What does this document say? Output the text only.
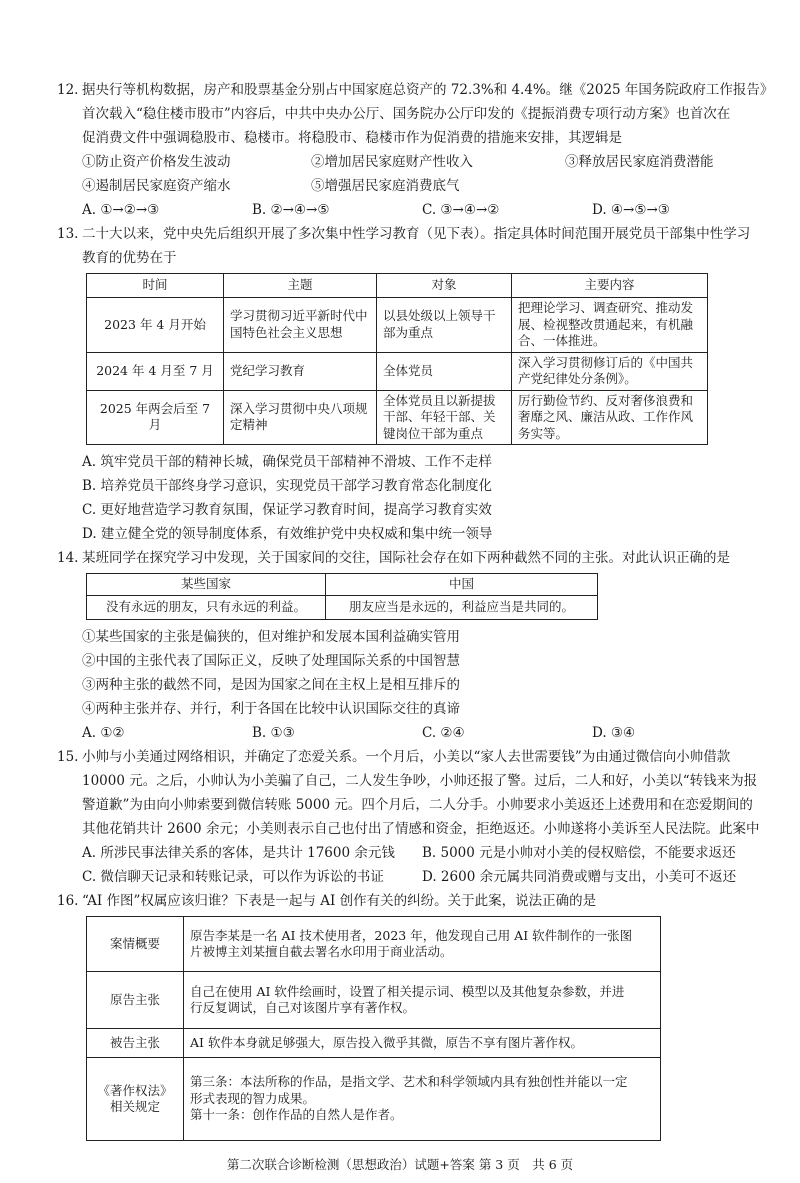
12. 据央行等机构数据，房产和股票基金分别占中国家庭总资产的 72.3%和 4.4%。继《2025 年国务院政府工作报告》
首次载入“稳住楼市股市”内容后，中共中央办公厅、国务院办公厅印发的《提振消费专项行动方案》也首次在
促消费文件中强调稳股市、稳楼市。将稳股市、稳楼市作为促消费的措施来安排，其逻辑是
①防止资产价格发生波动	②增加居民家庭财产性收入	③释放居民家庭消费潜能
④遏制居民家庭资产缩水	⑤增强居民家庭消费底气
A. ①→②→③	B. ②→④→⑤	C. ③→④→②	D. ④→⑤→③
13. 二十大以来，党中央先后组织开展了多次集中性学习教育（见下表）。指定具体时间范围开展党员干部集中性学习
教育的优势在于
时间	主题	对象	主要内容
2023 年 4 月开始	学习贯彻习近平新时代中国特色社会主义思想	以县处级以上领导干部为重点	把理论学习、调查研究、推动发展、检视整改贯通起来，有机融合、一体推进。
2024 年 4 月至 7 月	党纪学习教育	全体党员	深入学习贯彻修订后的《中国共产党纪律处分条例》。
2025 年两会后至 7 月	深入学习贯彻中央八项规定精神	全体党员且以新提拔干部、年轻干部、关键岗位干部为重点	厉行勤俭节约、反对奢侈浪费和奢靡之风、廉洁从政、工作作风务实等。
A. 筑牢党员干部的精神长城，确保党员干部精神不滑坡、工作不走样
B. 培养党员干部终身学习意识，实现党员干部学习教育常态化制度化
C. 更好地营造学习教育氛围，保证学习教育时间，提高学习教育实效
D. 建立健全党的领导制度体系，有效维护党中央权威和集中统一领导
14. 某班同学在探究学习中发现，关于国家间的交往，国际社会存在如下两种截然不同的主张。对此认识正确的是
某些国家	中国
没有永远的朋友，只有永远的利益。	朋友应当是永远的，利益应当是共同的。
①某些国家的主张是偏狭的，但对维护和发展本国利益确实管用
②中国的主张代表了国际正义，反映了处理国际关系的中国智慧
③两种主张的截然不同，是因为国家之间在主权上是相互排斥的
④两种主张并存、并行，利于各国在比较中认识国际交往的真谛
A. ①②	B. ①③	C. ②④	D. ③④
15. 小帅与小美通过网络相识，并确定了恋爱关系。一个月后，小美以“家人去世需要钱”为由通过微信向小帅借款
10000 元。之后，小帅认为小美骗了自己，二人发生争吵，小帅还报了警。过后，二人和好，小美以“转钱来为报
警道歉”为由向小帅索要到微信转账 5000 元。四个月后，二人分手。小帅要求小美返还上述费用和在恋爱期间的
其他花销共计 2600 余元；小美则表示自己也付出了情感和资金，拒绝返还。小帅遂将小美诉至人民法院。此案中
A. 所涉民事法律关系的客体，是共计 17600 余元钱	B. 5000 元是小帅对小美的侵权赔偿，不能要求返还
C. 微信聊天记录和转账记录，可以作为诉讼的书证	D. 2600 余元属共同消费或赠与支出，小美可不返还
16. “AI 作图”权属应该归谁？下表是一起与 AI 创作有关的纠纷。关于此案，说法正确的是
案情概要	原告李某是一名 AI 技术使用者，2023 年，他发现自己用 AI 软件制作的一张图
片被博主刘某擅自截去署名水印用于商业活动。

原告主张	自己在使用 AI 软件绘画时，设置了相关提示词、模型以及其他复杂参数，并进
行反复调试，自己对该图片享有著作权。

被告主张	AI 软件本身就足够强大，原告投入微乎其微，原告不享有图片著作权。

《著作权法》相关规定	第三条：本法所称的作品，是指文学、艺术和科学领域内具有独创性并能以一定
形式表现的智力成果。
第十一条：创作作品的自然人是作者。
第二次联合诊断检测（思想政治）试题+答案 第 3 页　共 6 页
